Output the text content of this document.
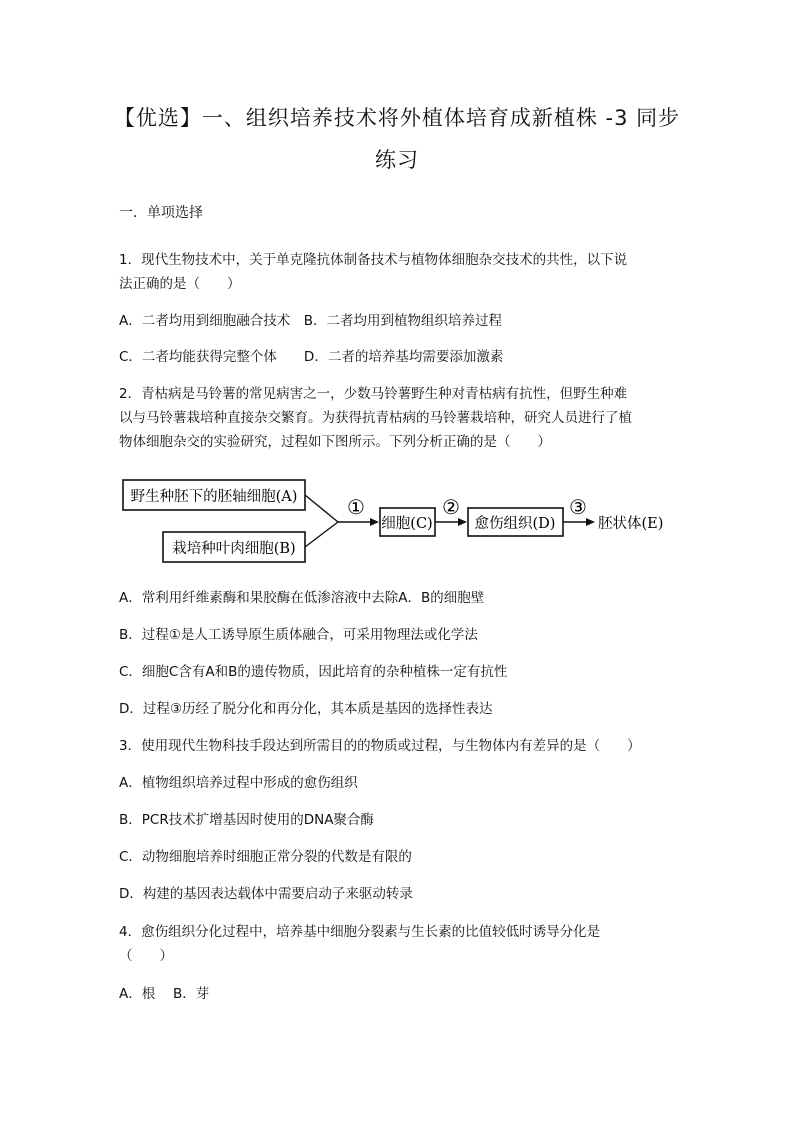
【优选】一、组织培养技术将外植体培育成新植株 -3 同步
练习
一．单项选择
1．现代生物技术中，关于单克隆抗体制备技术与植物体细胞杂交技术的共性，以下说
法正确的是（　　）
A．二者均用到细胞融合技术　B．二者均用到植物组织培养过程
C．二者均能获得完整个体　　D．二者的培养基均需要添加激素
2．青枯病是马铃薯的常见病害之一，少数马铃薯野生种对青枯病有抗性，但野生种难
以与马铃薯栽培种直接杂交繁育。为获得抗青枯病的马铃薯栽培种，研究人员进行了植
物体细胞杂交的实验研究，过程如下图所示。下列分析正确的是（　　）
野生种胚下的胚轴细胞(A)
栽培种叶肉细胞(B)
①
细胞(C)
②
愈伤组织(D)
③
胚状体(E)
A．常利用纤维素酶和果胶酶在低渗溶液中去除A．B的细胞壁
B．过程①是人工诱导原生质体融合，可采用物理法或化学法
C．细胞C含有A和B的遗传物质，因此培育的杂种植株一定有抗性
D．过程③历经了脱分化和再分化，其本质是基因的选择性表达
3．使用现代生物科技手段达到所需目的的物质或过程，与生物体内有差异的是（　　）
A．植物组织培养过程中形成的愈伤组织
B．PCR技术扩增基因时使用的DNA聚合酶
C．动物细胞培养时细胞正常分裂的代数是有限的
D．构建的基因表达载体中需要启动子来驱动转录
4．愈伤组织分化过程中，培养基中细胞分裂素与生长素的比值较低时诱导分化是
（　　）
A．根　 B．芽
